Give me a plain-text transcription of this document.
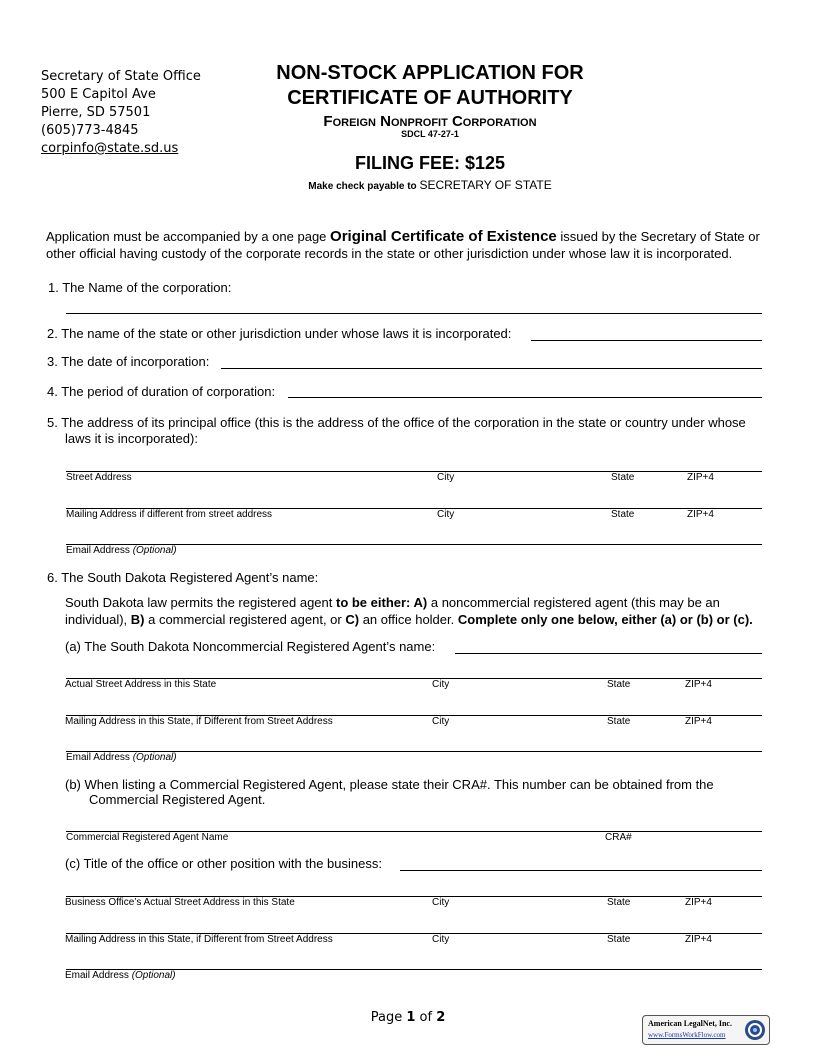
Secretary of State Office
500 E Capitol Ave
Pierre, SD 57501
(605)773-4845
corpinfo@state.sd.us
NON-STOCK APPLICATION FOR
CERTIFICATE OF AUTHORITY
Foreign Nonprofit Corporation
SDCL 47-27-1
FILING FEE: $125
Make check payable to SECRETARY OF STATE
Application must be accompanied by a one page Original Certificate of Existence issued by the Secretary of State or other official having custody of the corporate records in the state or other jurisdiction under whose law it is incorporated.
1. The Name of the corporation:
2. The name of the state or other jurisdiction under whose laws it is incorporated:
3. The date of incorporation:
4. The period of duration of corporation:
5. The address of its principal office (this is the address of the office of the corporation in the state or country under whose
laws it is incorporated):
Street Address	City	State	ZIP+4
Mailing Address if different from street address	City	State	ZIP+4
Email Address (Optional)
6. The South Dakota Registered Agent’s name:
South Dakota law permits the registered agent to be either: A) a noncommercial registered agent (this may be an individual), B) a commercial registered agent, or C) an office holder. Complete only one below, either (a) or (b) or (c).
(a) The South Dakota Noncommercial Registered Agent’s name:
Actual Street Address in this State	City	State	ZIP+4
Mailing Address in this State, if Different from Street Address	City	State	ZIP+4
Email Address (Optional)
(b) When listing a Commercial Registered Agent, please state their CRA#. This number can be obtained from the
Commercial Registered Agent.
Commercial Registered Agent Name	CRA#
(c) Title of the office or other position with the business:
Business Office’s Actual Street Address in this State	City	State	ZIP+4
Mailing Address in this State, if Different from Street Address	City	State	ZIP+4
Email Address (Optional)
Page 1 of 2	American LegalNet, Inc.
www.FormsWorkFlow.com
